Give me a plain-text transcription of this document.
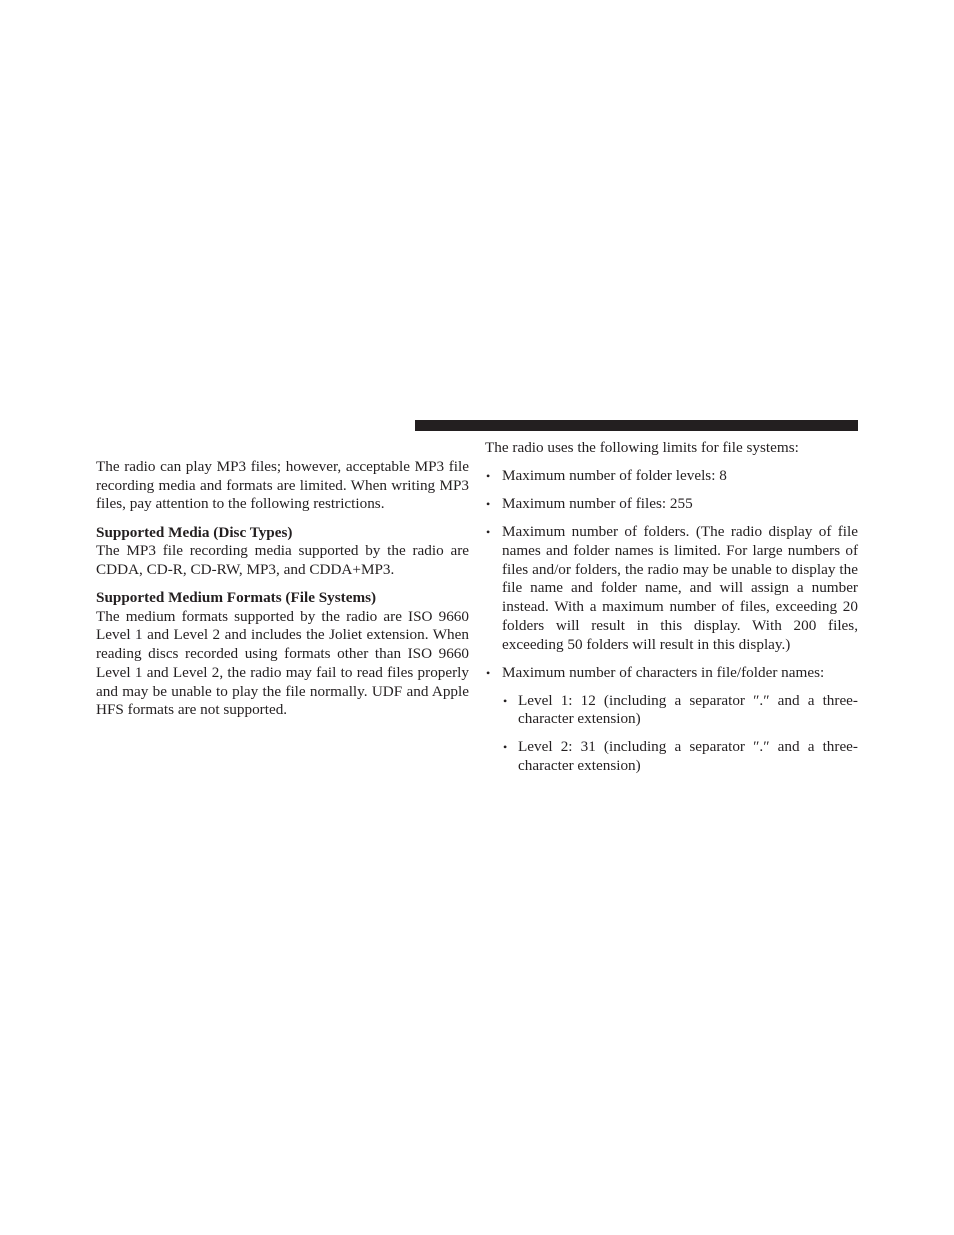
The radio can play MP3 files; however, acceptable MP3 file recording media and formats are limited. When writing MP3 files, pay attention to the following restrictions.

Supported Media (Disc Types)

The MP3 file recording media supported by the radio are CDDA, CD-R, CD-RW, MP3, and CDDA+MP3.

Supported Medium Formats (File Systems)

The medium formats supported by the radio are ISO 9660 Level 1 and Level 2 and includes the Joliet extension. When reading discs recorded using formats other than ISO 9660 Level 1 and Level 2, the radio may fail to read files properly and may be unable to play the file normally. UDF and Apple HFS formats are not supported.

The radio uses the following limits for file systems:

• Maximum number of folder levels: 8

• Maximum number of files: 255

• Maximum number of folders. (The radio display of file names and folder names is limited. For large numbers of files and/or folders, the radio may be unable to display the file name and folder name, and will assign a number instead. With a maximum number of files, exceeding 20 folders will result in this display. With 200 files, exceeding 50 folders will result in this display.)

• Maximum number of characters in file/folder names:

• Level 1: 12 (including a separator ″.″ and a three-character extension)

• Level 2: 31 (including a separator ″.″ and a three-character extension)
